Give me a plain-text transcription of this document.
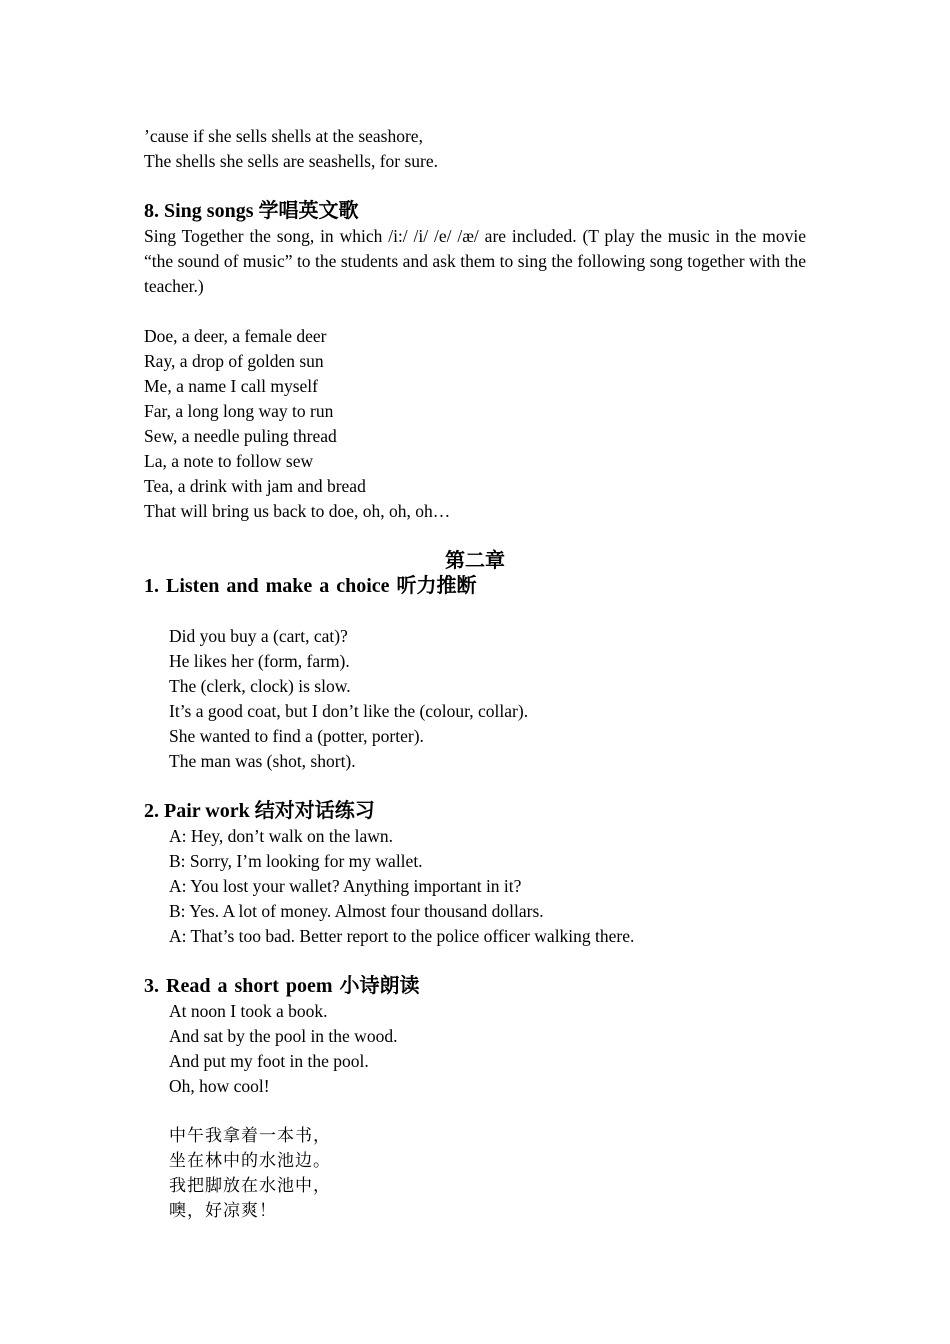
’cause if she sells shells at the seashore,
The shells she sells are seashells, for sure.
8. Sing songs 学唱英文歌
Sing Together the song, in which /i:/ /i/ /e/ /æ/ are included. (T play the music in the movie “the sound of music” to the students and ask them to sing the following song together with the teacher.)
Doe, a deer, a female deer
Ray, a drop of golden sun
Me, a name I call myself
Far, a long long way to run
Sew, a needle puling thread
La, a note to follow sew
Tea, a drink with jam and bread
That will bring us back to doe, oh, oh, oh…
第二章
1. Listen and make a choice 听力推断
Did you buy a (cart, cat)?
He likes her (form, farm).
The (clerk, clock) is slow.
It’s a good coat, but I don’t like the (colour, collar).
She wanted to find a (potter, porter).
The man was (shot, short).
2. Pair work 结对对话练习
A: Hey, don’t walk on the lawn.
B: Sorry, I’m looking for my wallet.
A: You lost your wallet? Anything important in it?
B: Yes. A lot of money. Almost four thousand dollars.
A: That’s too bad. Better report to the police officer walking there.
3. Read a short poem 小诗朗读
At noon I took a book.
And sat by the pool in the wood.
And put my foot in the pool.
Oh, how cool!
中午我拿着一本书，
坐在林中的水池边。
我把脚放在水池中，
噢，好凉爽！
